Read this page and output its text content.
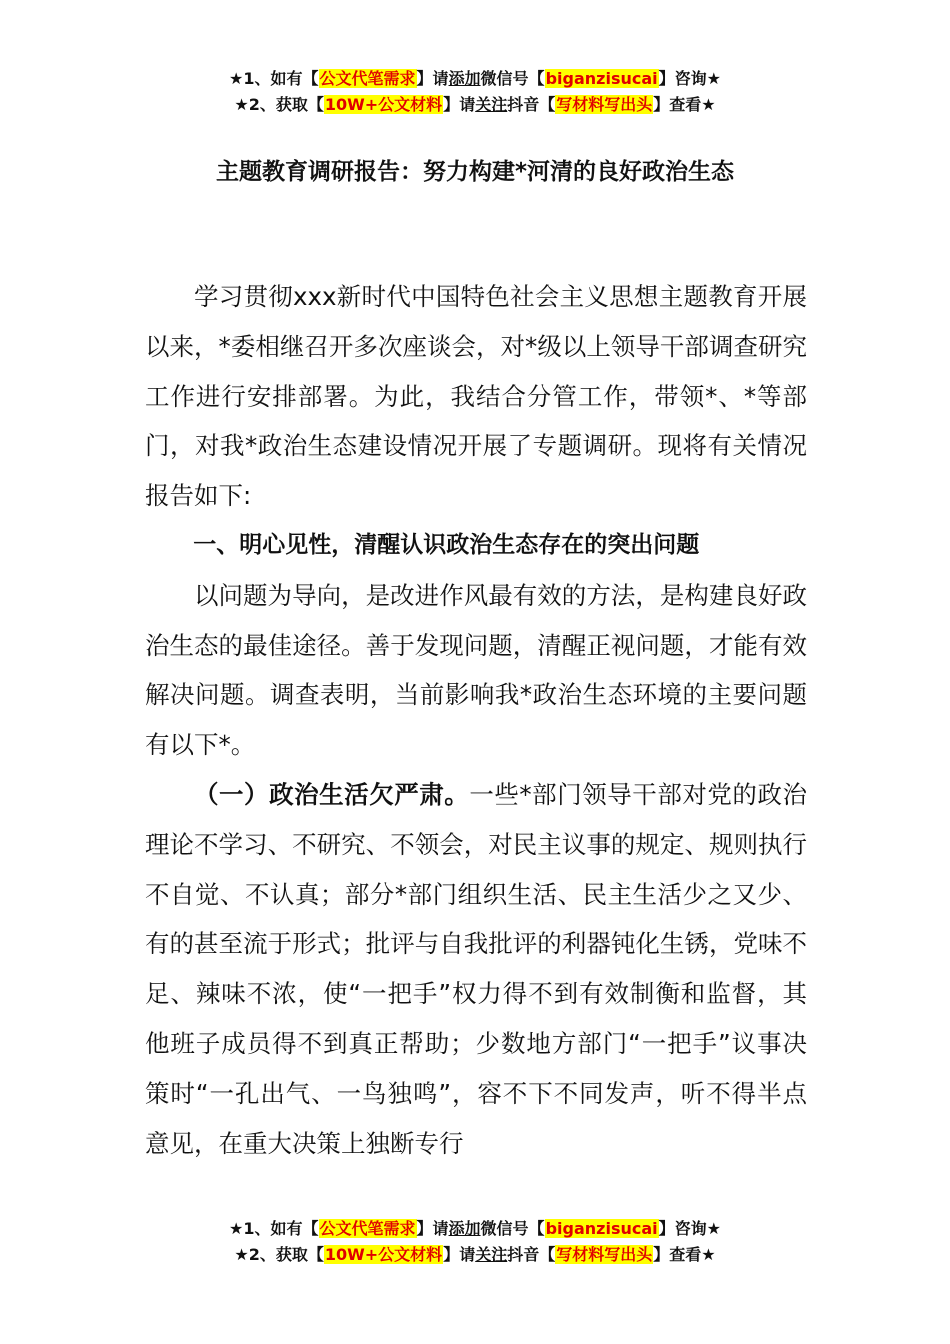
★1、如有【公文代笔需求】请添加微信号【biganzisucai】咨询★
★2、获取【10W+公文材料】请关注抖音【写材料写出头】查看★
主题教育调研报告：努力构建*河清的良好政治生态

学习贯彻xxx新时代中国特色社会主义思想主题教育开展以来，*委相继召开多次座谈会，对*级以上领导干部调查研究工作进行安排部署。为此，我结合分管工作，带领*、*等部门，对我*政治生态建设情况开展了专题调研。现将有关情况报告如下:

一、明心见性，清醒认识政治生态存在的突出问题

以问题为导向，是改进作风最有效的方法，是构建良好政治生态的最佳途径。善于发现问题，清醒正视问题，才能有效解决问题。调查表明，当前影响我*政治生态环境的主要问题有以下*。

（一）政治生活欠严肃。一些*部门领导干部对党的政治理论不学习、不研究、不领会，对民主议事的规定、规则执行不自觉、不认真；部分*部门组织生活、民主生活少之又少、有的甚至流于形式；批评与自我批评的利器钝化生锈，党味不足、辣味不浓，使“一把手”权力得不到有效制衡和监督，其他班子成员得不到真正帮助；少数地方部门“一把手”议事决策时“一孔出气、一鸟独鸣”，容不下不同发声，听不得半点意见，在重大决策上独断专行

★1、如有【公文代笔需求】请添加微信号【biganzisucai】咨询★
★2、获取【10W+公文材料】请关注抖音【写材料写出头】查看★
